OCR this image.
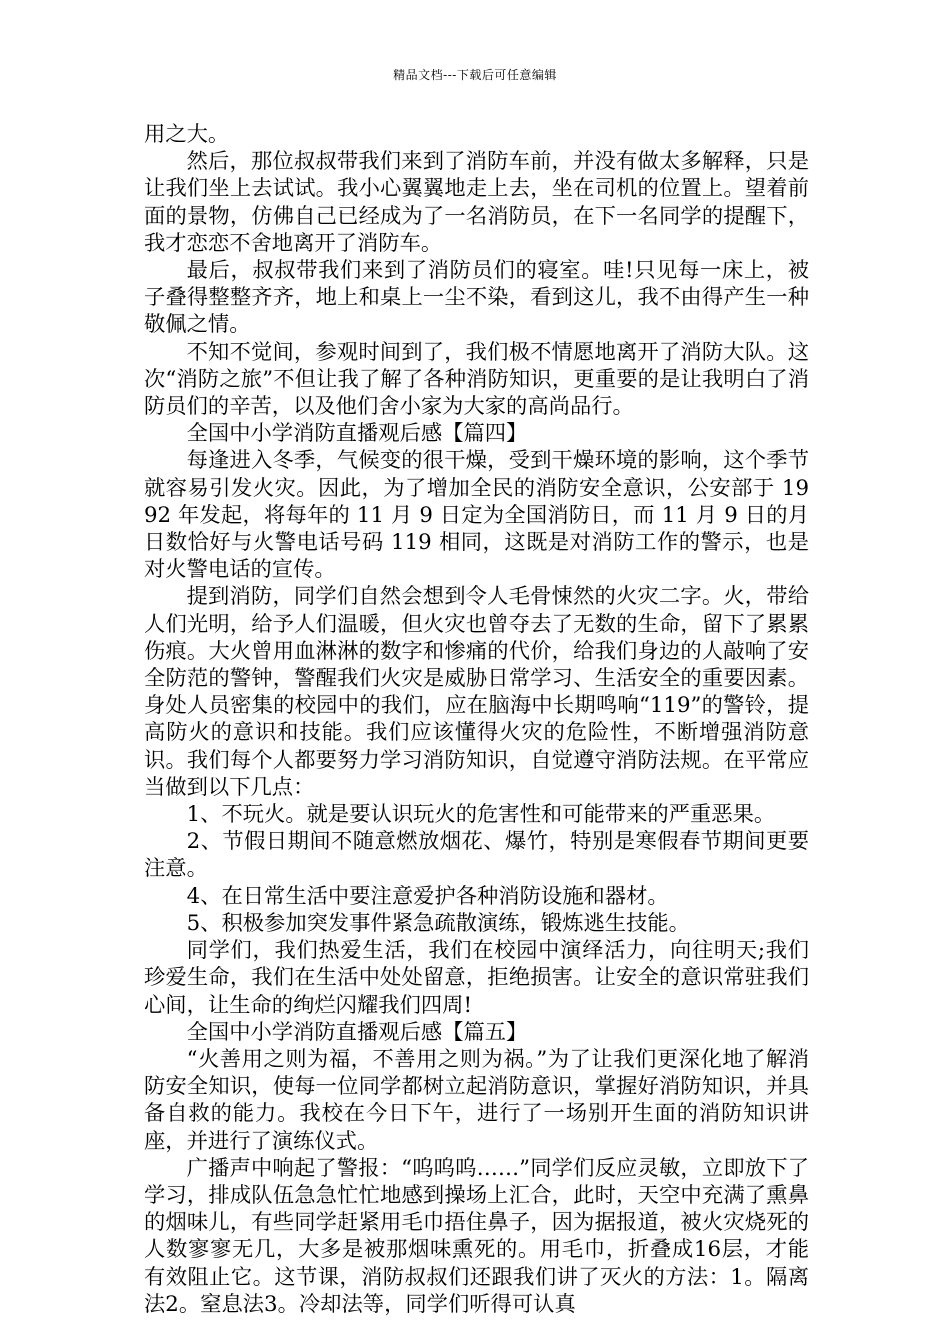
精品文档---下载后可任意编辑

用之大。

然后，那位叔叔带我们来到了消防车前，并没有做太多解释，只是让我们坐上去试试。我小心翼翼地走上去，坐在司机的位置上。望着前面的景物，仿佛自己已经成为了一名消防员，在下一名同学的提醒下，我才恋恋不舍地离开了消防车。

最后，叔叔带我们来到了消防员们的寝室。哇!只见每一床上，被子叠得整整齐齐，地上和桌上一尘不染，看到这儿，我不由得产生一种敬佩之情。

不知不觉间，参观时间到了，我们极不情愿地离开了消防大队。这次“消防之旅”不但让我了解了各种消防知识，更重要的是让我明白了消防员们的辛苦，以及他们舍小家为大家的高尚品行。

全国中小学消防直播观后感【篇四】

每逢进入冬季，气候变的很干燥，受到干燥环境的影响，这个季节就容易引发火灾。因此，为了增加全民的消防安全意识，公安部于 1992 年发起，将每年的 11 月 9 日定为全国消防日，而 11 月 9 日的月日数恰好与火警电话号码 119 相同，这既是对消防工作的警示，也是对火警电话的宣传。

提到消防，同学们自然会想到令人毛骨悚然的火灾二字。火，带给人们光明，给予人们温暖，但火灾也曾夺去了无数的生命，留下了累累伤痕。大火曾用血淋淋的数字和惨痛的代价，给我们身边的人敲响了安全防范的警钟，警醒我们火灾是威胁日常学习、生活安全的重要因素。身处人员密集的校园中的我们，应在脑海中长期鸣响“119”的警铃，提高防火的意识和技能。我们应该懂得火灾的危险性，不断增强消防意识。我们每个人都要努力学习消防知识，自觉遵守消防法规。在平常应当做到以下几点：

1、不玩火。就是要认识玩火的危害性和可能带来的严重恶果。

2、节假日期间不随意燃放烟花、爆竹，特别是寒假春节期间更要注意。

4、在日常生活中要注意爱护各种消防设施和器材。

5、积极参加突发事件紧急疏散演练，锻炼逃生技能。

同学们，我们热爱生活，我们在校园中演绎活力，向往明天;我们珍爱生命，我们在生活中处处留意，拒绝损害。让安全的意识常驻我们心间，让生命的绚烂闪耀我们四周!

全国中小学消防直播观后感【篇五】

“火善用之则为福，不善用之则为祸。”为了让我们更深化地了解消防安全知识，使每一位同学都树立起消防意识，掌握好消防知识，并具备自救的能力。我校在今日下午，进行了一场别开生面的消防知识讲座，并进行了演练仪式。

广播声中响起了警报：“呜呜呜……”同学们反应灵敏，立即放下了学习，排成队伍急急忙忙地感到操场上汇合，此时，天空中充满了熏鼻的烟味儿，有些同学赶紧用毛巾捂住鼻子，因为据报道，被火灾烧死的人数寥寥无几，大多是被那烟味熏死的。用毛巾，折叠成16层，才能有效阻止它。这节课，消防叔叔们还跟我们讲了灭火的方法：1。隔离法2。窒息法3。冷却法等，同学们听得可认真
